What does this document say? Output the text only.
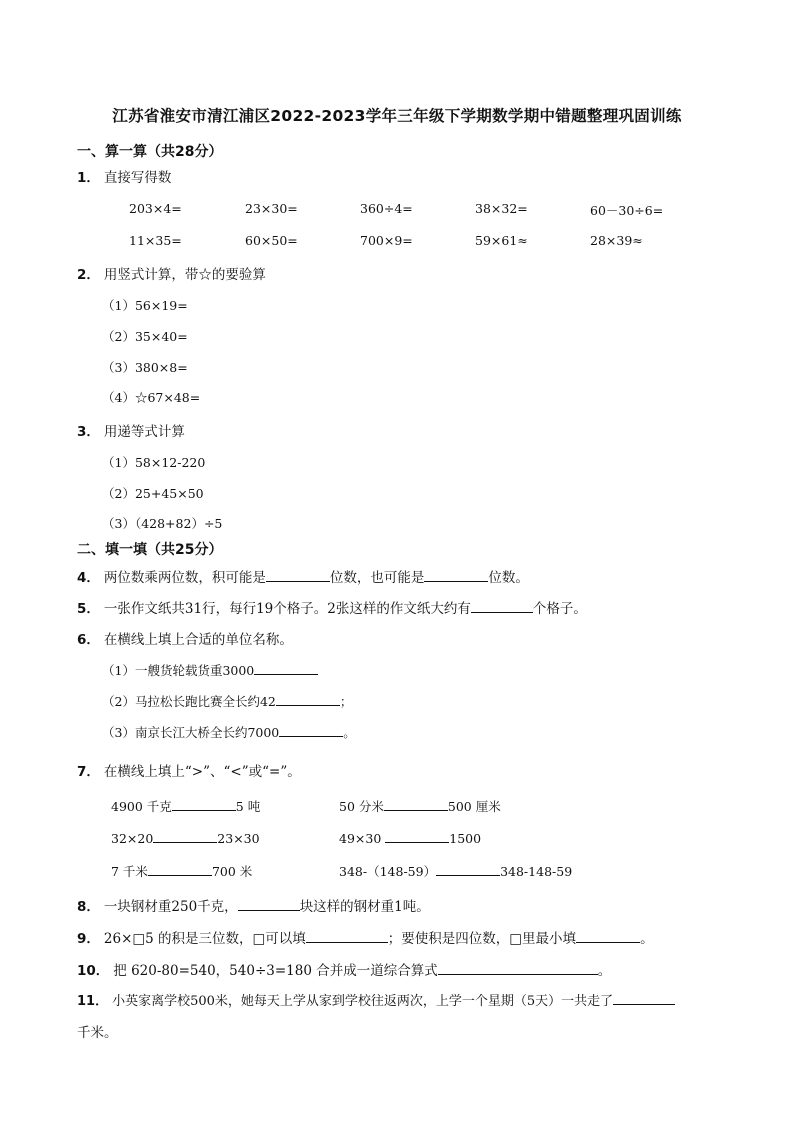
江苏省淮安市清江浦区2022-2023学年三年级下学期数学期中错题整理巩固训练
一、算一算（共28分）
1． 直接写得数
203×4=	23×30=	360÷4=	38×32=	60－30÷6=
11×35=	60×50=	700×9=	59×61≈	28×39≈
2． 用竖式计算，带☆的要验算
（1）56×19=
（2）35×40=
（3）380×8=
（4）☆67×48=
3． 用递等式计算
（1）58×12-220
（2）25+45×50
（3）（428+82）÷5
二、填一填（共25分）
4． 两位数乘两位数，积可能是	位数，也可能是	位数。
5． 一张作文纸共31行，每行19个格子。2张这样的作文纸大约有	个格子。
6． 在横线上填上合适的单位名称。
（1）一艘货轮载货重3000
（2）马拉松长跑比赛全长约42	；
（3）南京长江大桥全长约7000	。
7． 在横线上填上“>”、“<”或“=”。
4900 千克	5 吨	50 分米	500 厘米
32×20	23×30	49×30	1500
7 千米	700 米	348-（148-59）	348-148-59
8． 一块钢材重250千克，	块这样的钢材重1吨。
9． 26×□5 的积是三位数，□可以填	；要使积是四位数，□里最小填	。
10． 把 620-80=540，540÷3=180 合并成一道综合算式	。
11． 小英家离学校500米，她每天上学从家到学校往返两次，上学一个星期（5天）一共走了
千米。
